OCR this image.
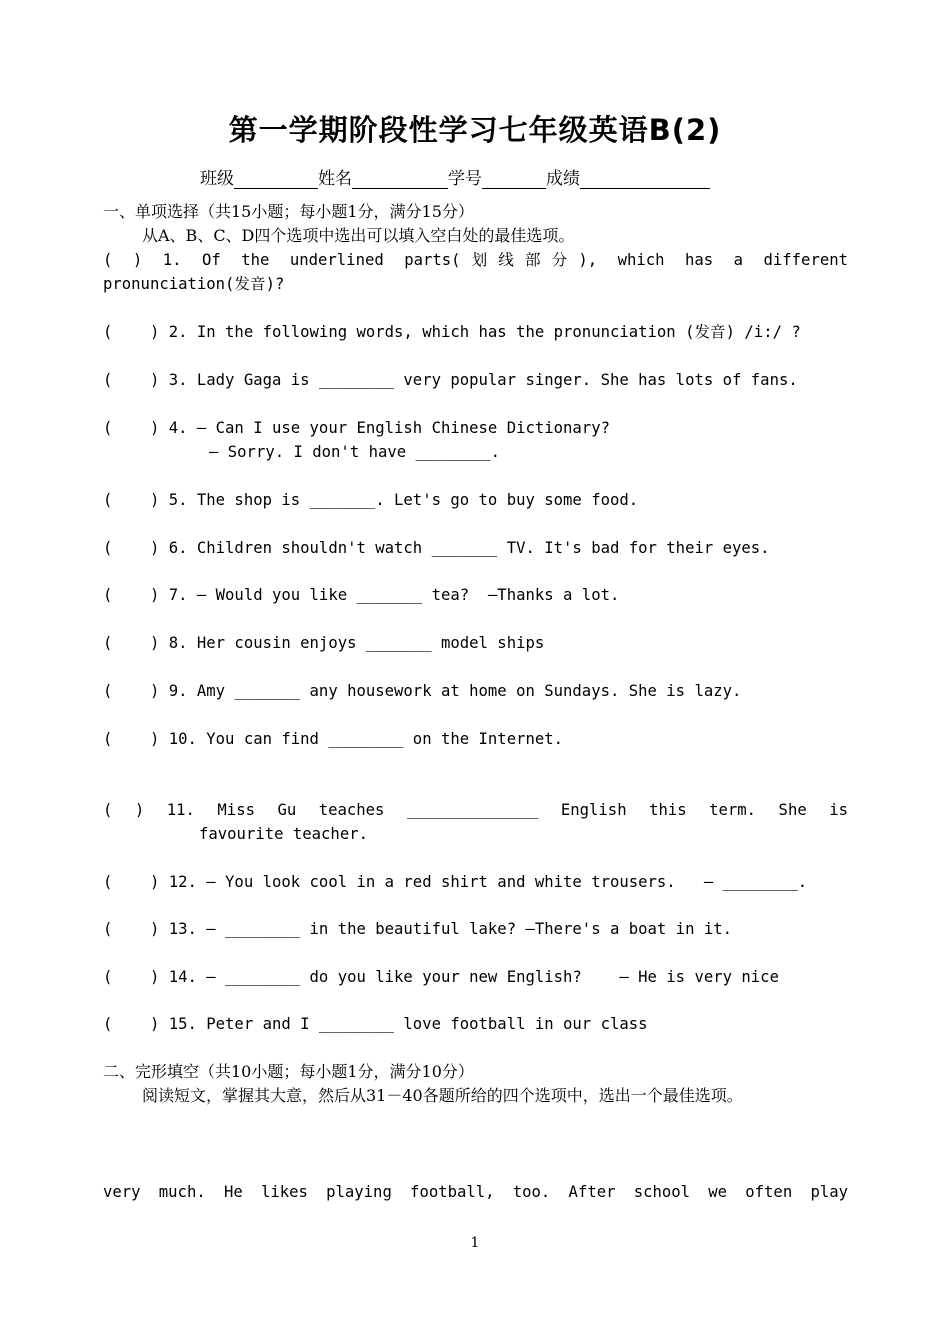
第一学期阶段性学习七年级英语B(2)
班级	姓名	学号	成绩
一、单项选择（共15小题；每小题1分，满分15分）
从A、B、C、D四个选项中选出可以填入空白处的最佳选项。
( ) 1. Of the underlined parts(划线部分), which has a different
pronunciation(发音)?

(    ) 2. In the following words, which has the pronunciation (发音) /i:/ ?

(    ) 3. Lady Gaga is ________ very popular singer. She has lots of fans.

(    ) 4. — Can I use your English Chinese Dictionary?
— Sorry. I don't have ________.

(    ) 5. The shop is _______. Let's go to buy some food.

(    ) 6. Children shouldn't watch _______ TV. It's bad for their eyes.

(    ) 7. — Would you like _______ tea?  —Thanks a lot.

(    ) 8. Her cousin enjoys _______ model ships

(    ) 9. Amy _______ any housework at home on Sundays. She is lazy.

(    ) 10. You can find ________ on the Internet.

( ) 11. Miss Gu teaches ______________ English this term. She is
favourite teacher.

(    ) 12. — You look cool in a red shirt and white trousers.   — ________.

(    ) 13. — ________ in the beautiful lake? —There's a boat in it.

(    ) 14. — ________ do you like your new English?    — He is very nice

(    ) 15. Peter and I ________ love football in our class

二、完形填空（共10小题；每小题1分，满分10分）
阅读短文，掌握其大意，然后从31－40各题所给的四个选项中，选出一个最佳选项。

very much. He likes playing football, too. After school we often play
1
